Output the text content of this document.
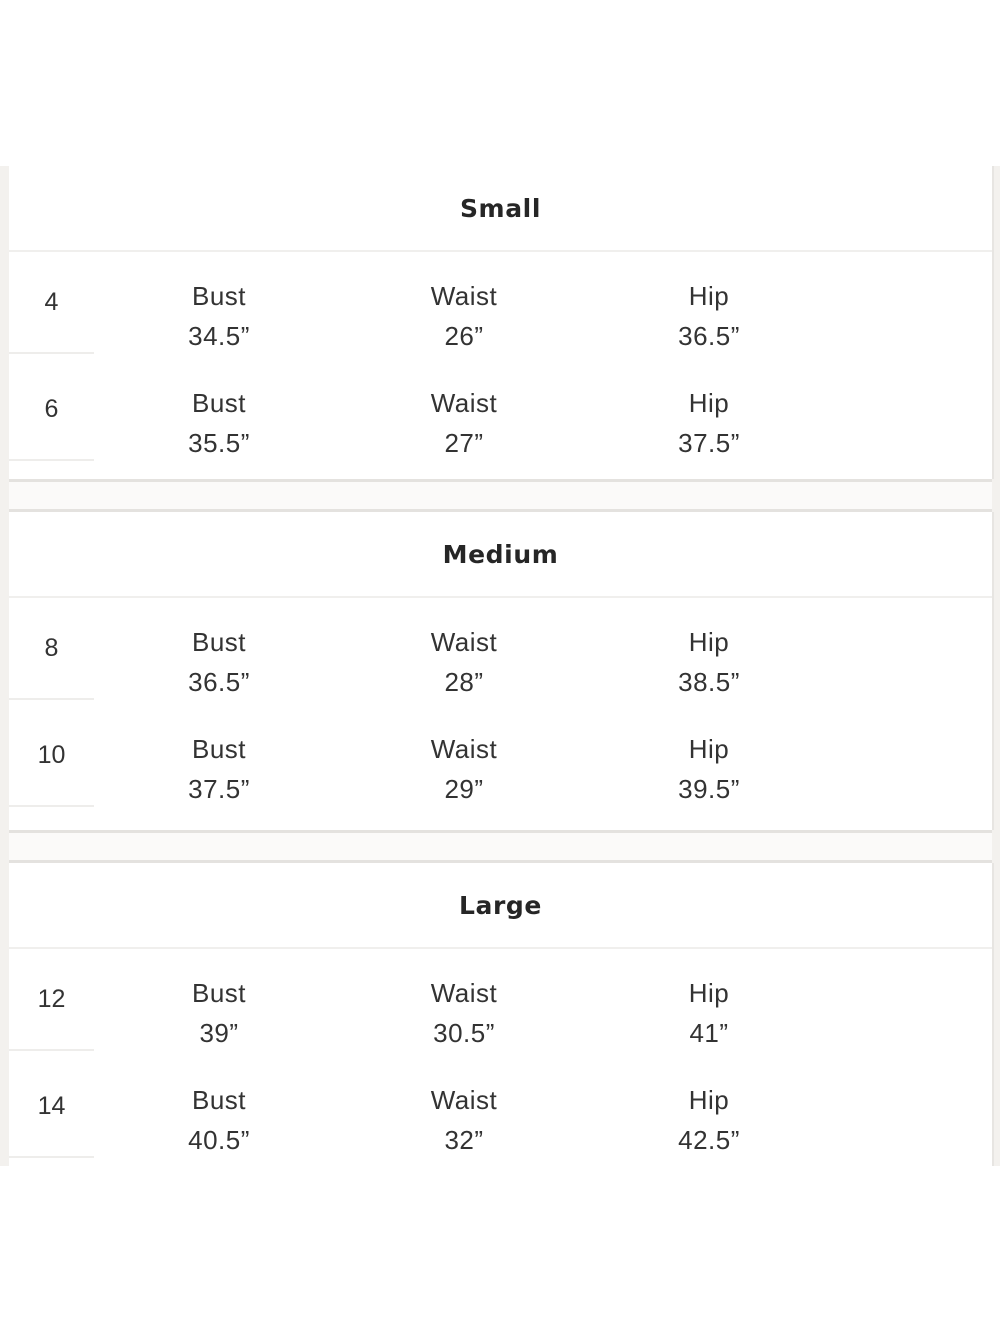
Small
4	Bust
34.5”
Waist
26”
Hip
36.5”
6	Bust
35.5”
Waist
27”
Hip
37.5”
Medium
8	Bust
36.5”
Waist
28”
Hip
38.5”
10	Bust
37.5”
Waist
29”
Hip
39.5”
Large
12	Bust
39”
Waist
30.5”
Hip
41”
14	Bust
40.5”
Waist
32”
Hip
42.5”
